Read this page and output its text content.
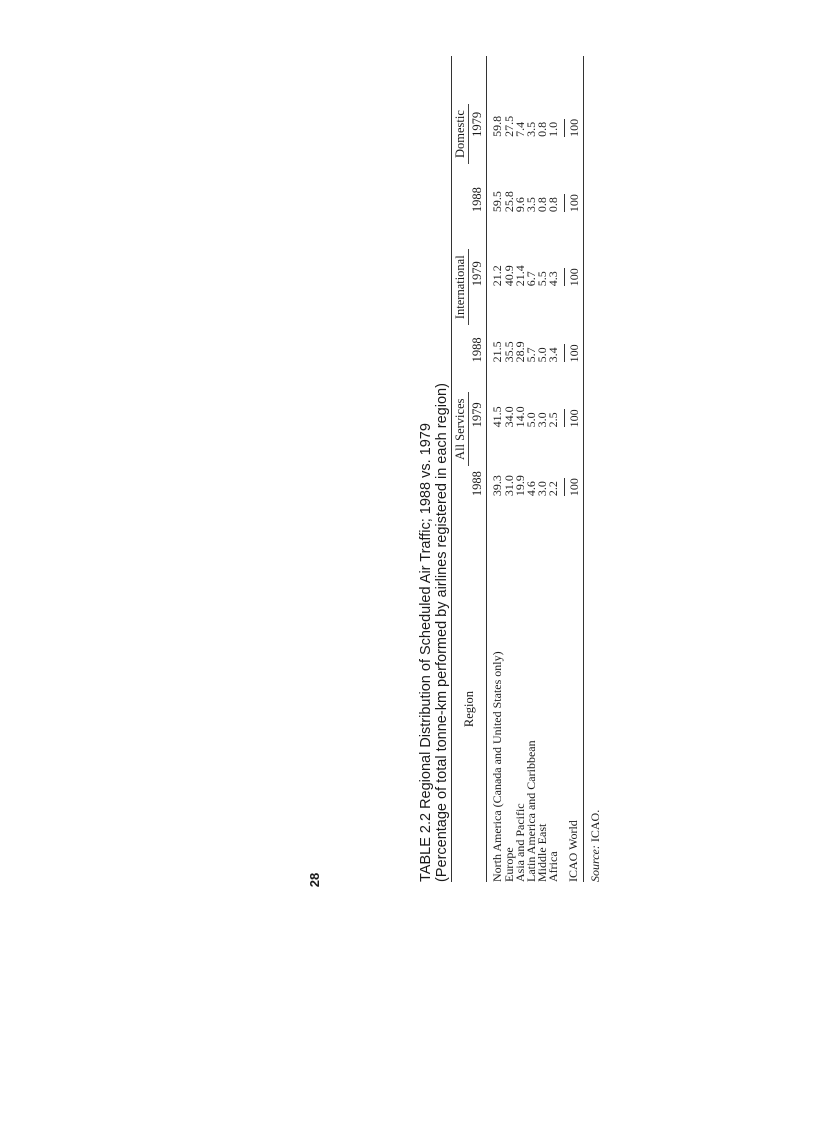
28	TABLE 2.2 Regional Distribution of Scheduled Air Traffic; 1988 vs. 1979 (Percentage of total tonne-km performed by airlines registered in each region) Region	All Services		International		Domestic	
	1988	1979	1988	1979	1988	1979
North America (Canada and United States only)	39.3	41.5	21.5	21.2	59.5	59.8
Europe	31.0	34.0	35.5	40.9	25.8	27.5
Asia and Pacific	19.9	14.0	28.9	21.4	9.6	7.4
Latin America and Caribbean	4.6	5.0	5.7	6.7	3.5	3.5
Middle East	3.0	3.0	5.0	5.5	0.8	0.8
Africa	2.2	2.5	3.4	4.3	0.8	1.0
ICAO World	100	100	100	100	100	100
Source: ICAO.
